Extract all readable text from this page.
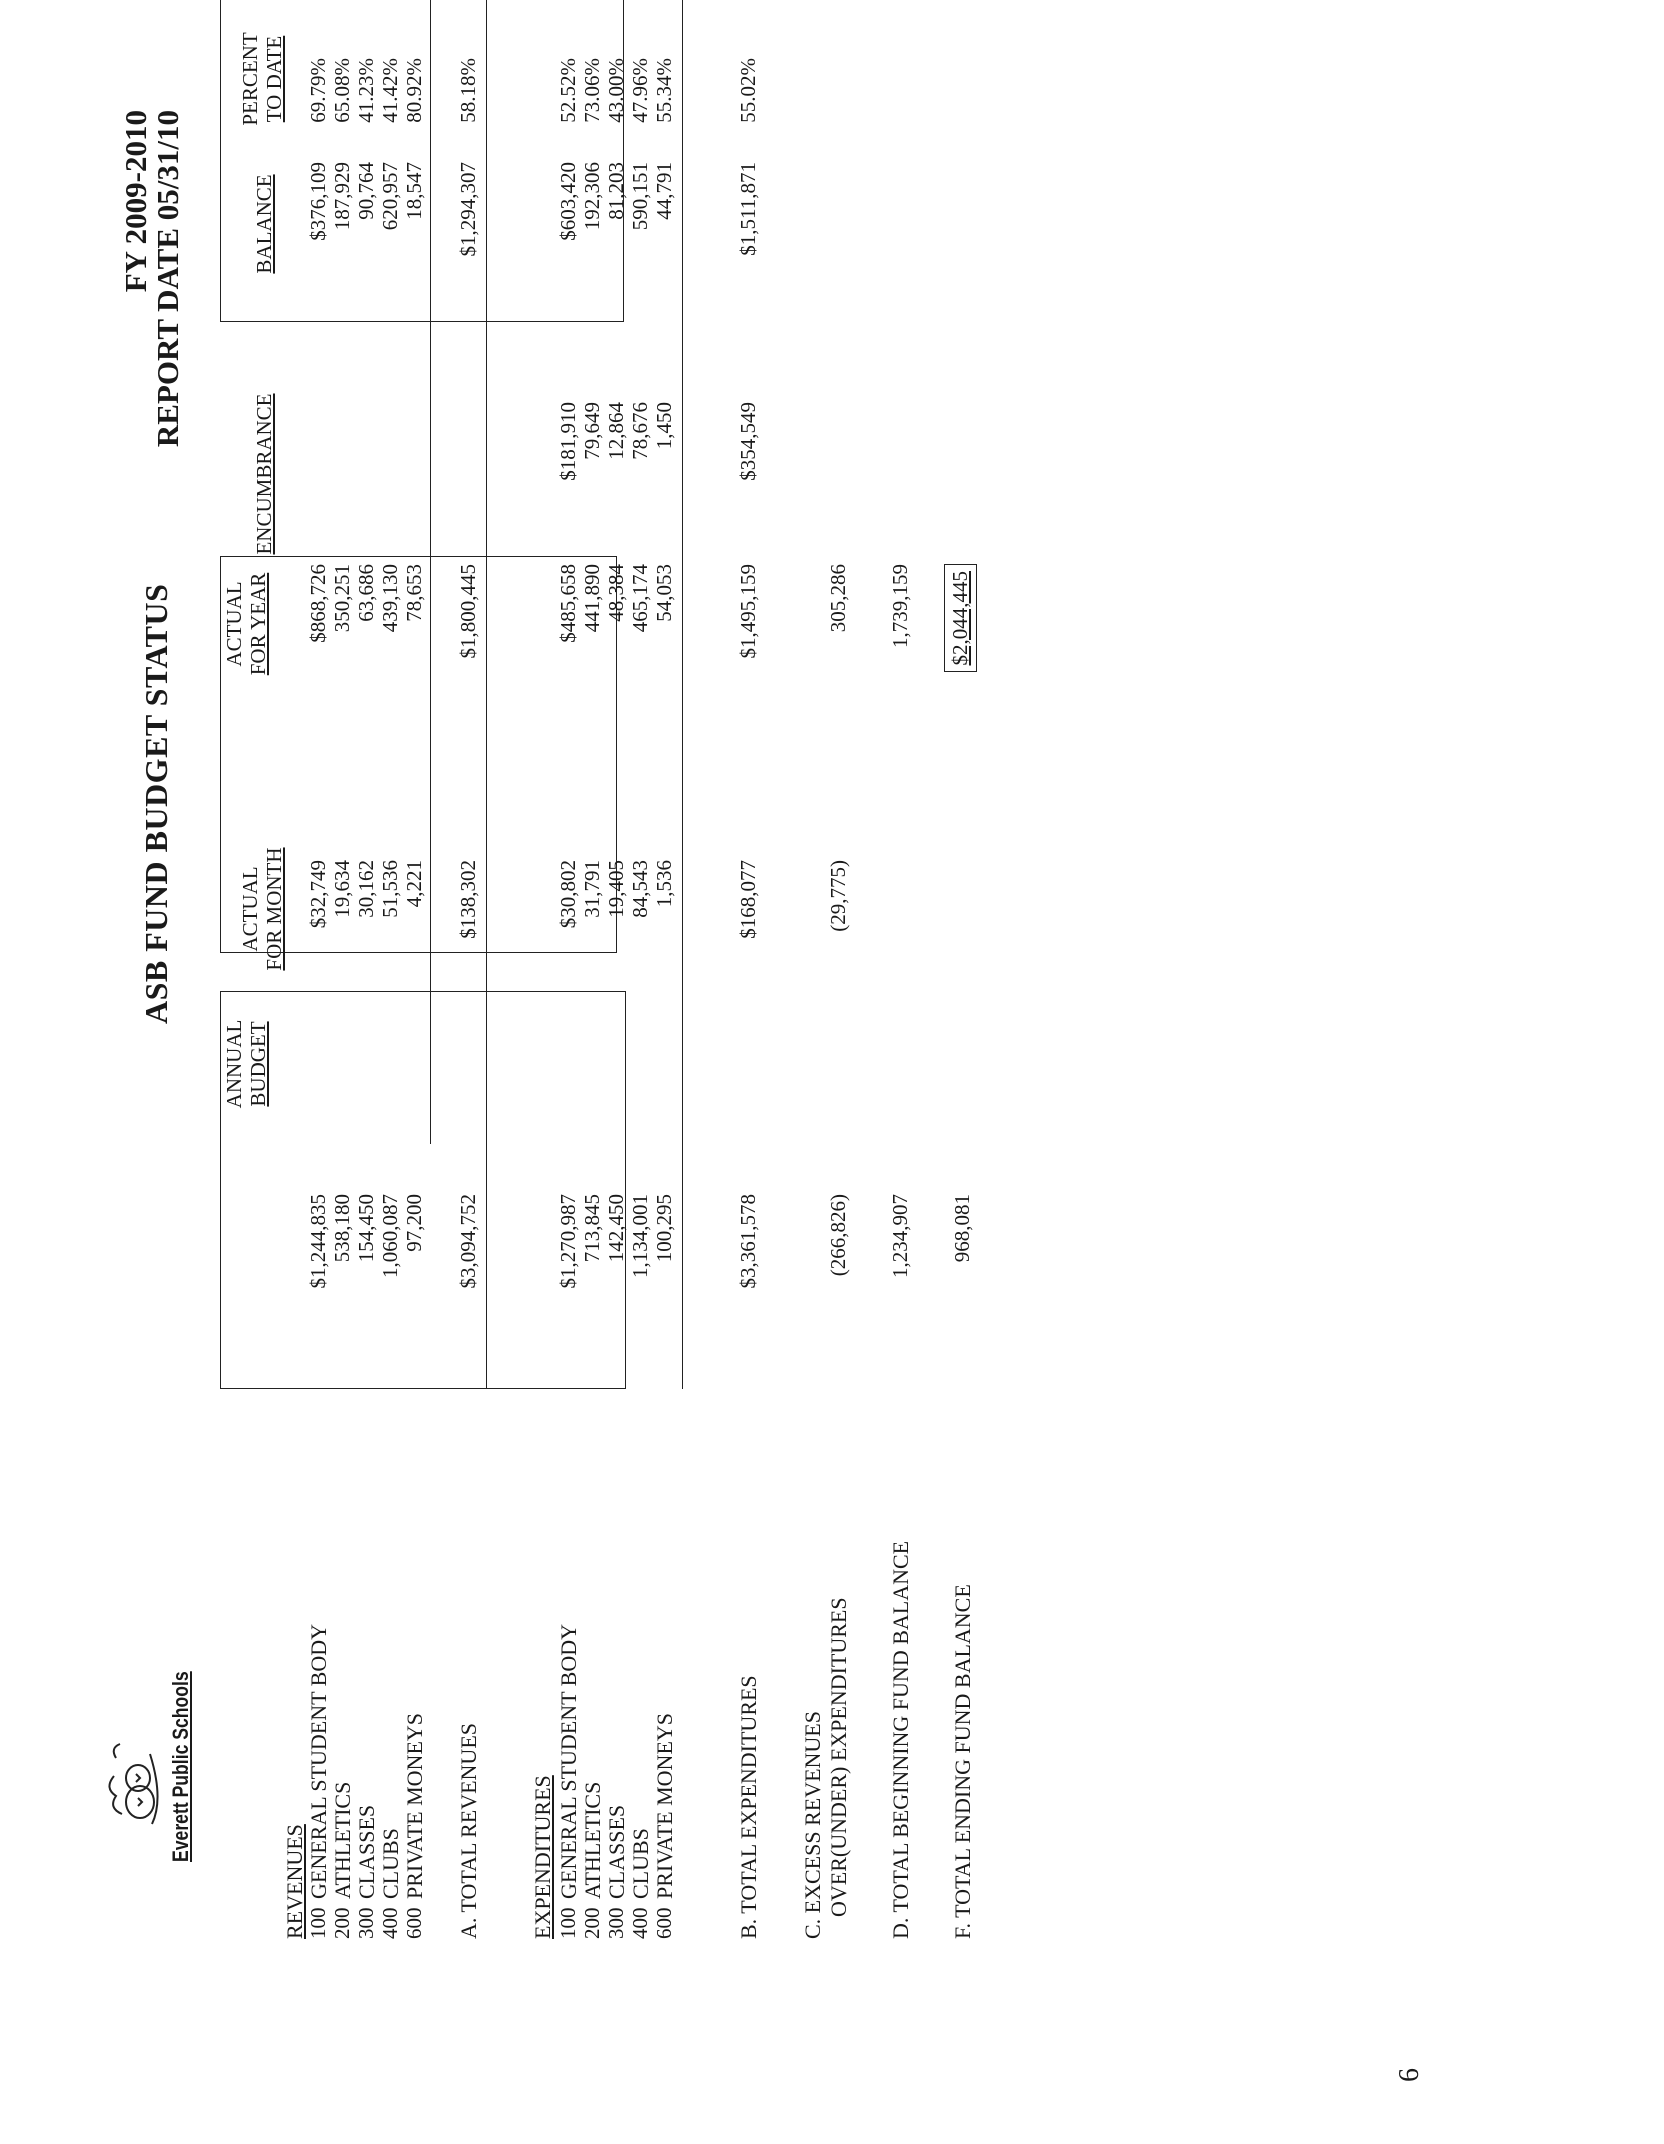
Everett Public Schools
ASB FUND BUDGET STATUS
FY 2009-2010
REPORT DATE 05/31/10
ANNUAL BUDGET
ACTUAL FOR MONTH
ACTUAL FOR YEAR
ENCUMBRANCE
BALANCE
PERCENT TO DATE
REVENUES 100
GENERAL STUDENT BODY
$1,244,835
$32,749
$868,726
$376,109
69.79%
200
ATHLETICS
538,180
19,634
350,251
187,929
65.08%
300
CLASSES
154,450
30,162
63,686
90,764
41.23%
400
CLUBS
1,060,087
51,536
439,130
620,957
41.42%
600
PRIVATE MONEYS
97,200
4,221
78,653
18,547
80.92%
A. TOTAL REVENUES
$3,094,752
$138,302
$1,800,445
$1,294,307
58.18%
EXPENDITURES 100
GENERAL STUDENT BODY
$1,270,987
$30,802
$485,658
$181,910
$603,420
52.52%
200
ATHLETICS
713,845
31,791
441,890
79,649
192,306
73.06%
300
CLASSES
142,450
19,405
48,384
12,864
81,203
43.00%
400
CLUBS
1,134,001
84,543
465,174
78,676
590,151
47.96%
600
PRIVATE MONEYS
100,295
1,536
54,053
1,450
44,791
55.34%
B. TOTAL EXPENDITURES
$3,361,578
$168,077
$1,495,159
$354,549
$1,511,871
55.02%
C. EXCESS REVENUES OVER(UNDER) EXPENDITURES
(266,826)
(29,775)
305,286
D. TOTAL BEGINNING FUND BALANCE
1,234,907
1,739,159
F. TOTAL ENDING FUND BALANCE
968,081
$2,044,445
6
